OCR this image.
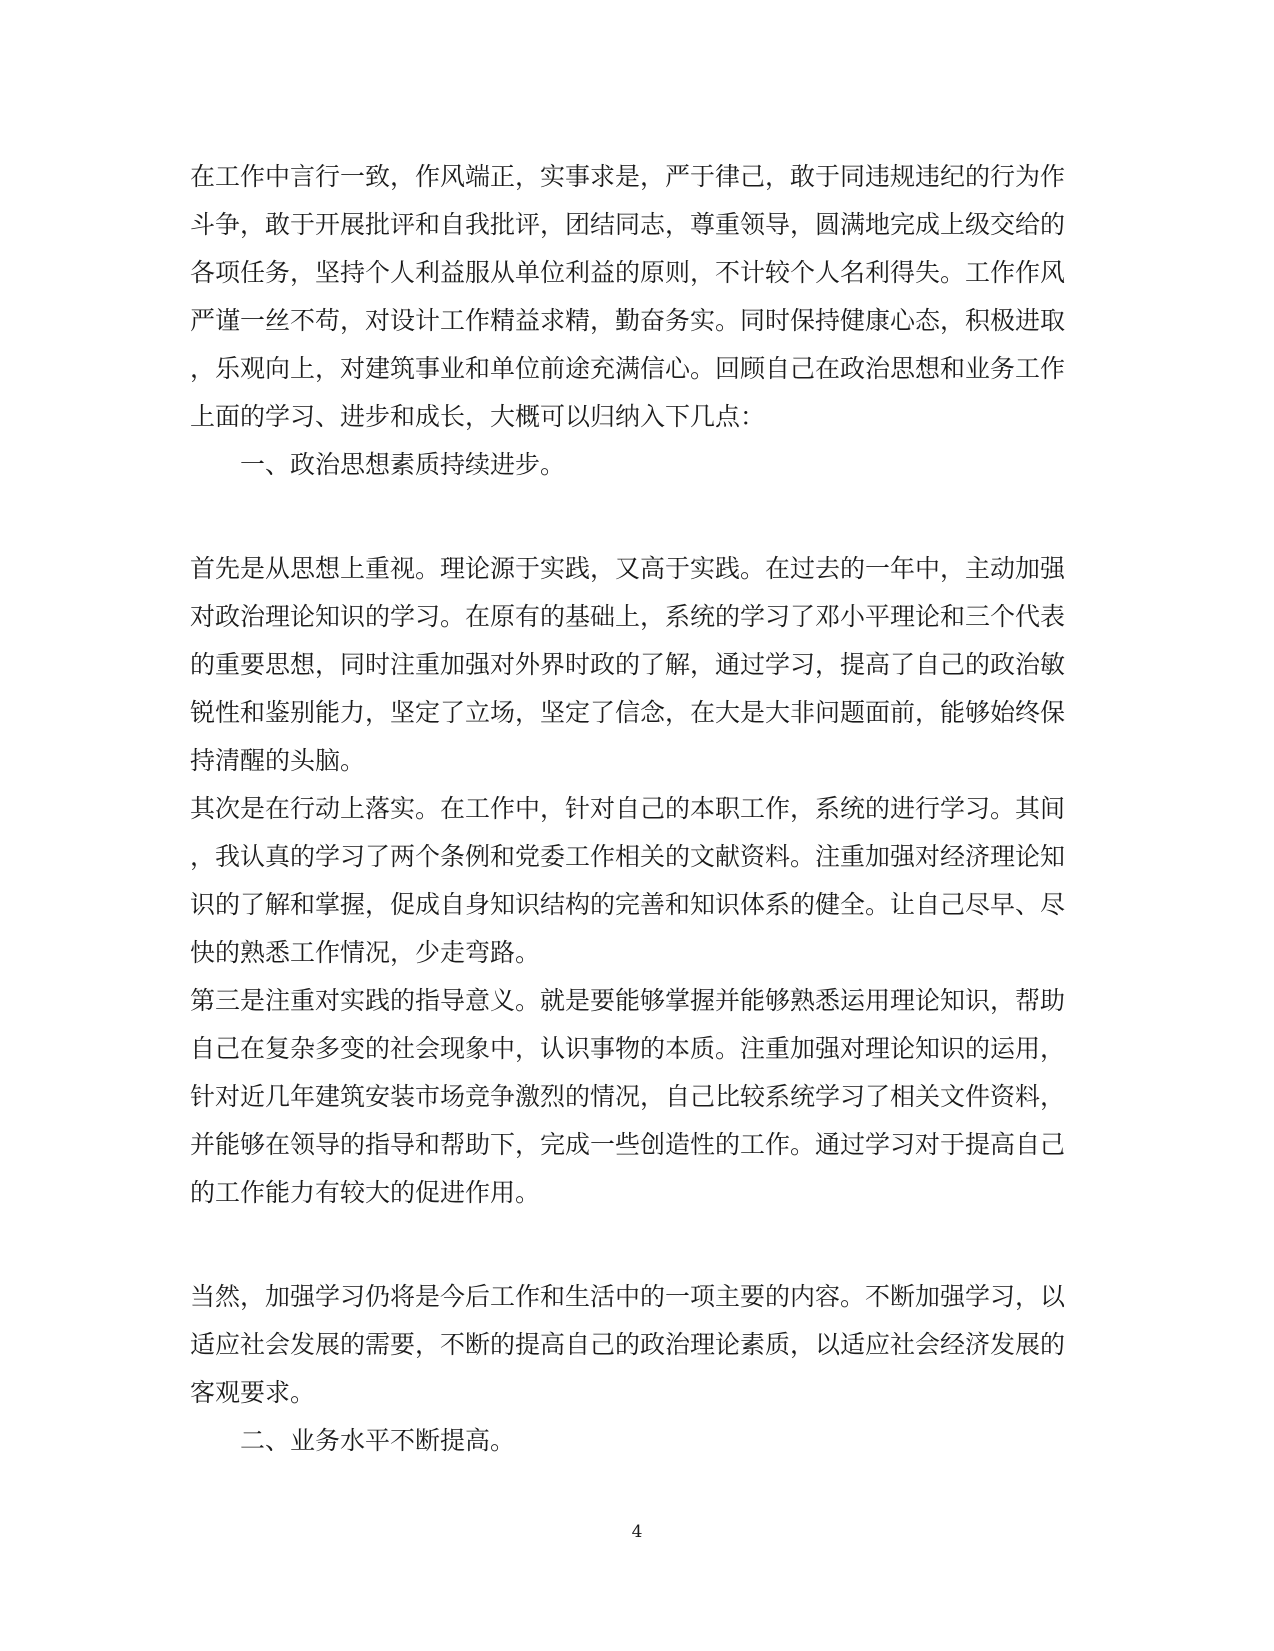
在工作中言行一致，作风端正，实事求是，严于律己，敢于同违规违纪的行为作
斗争，敢于开展批评和自我批评，团结同志，尊重领导，圆满地完成上级交给的
各项任务，坚持个人利益服从单位利益的原则，不计较个人名利得失。工作作风
严谨一丝不苟，对设计工作精益求精，勤奋务实。同时保持健康心态，积极进取
，乐观向上，对建筑事业和单位前途充满信心。回顾自己在政治思想和业务工作
上面的学习、进步和成长，大概可以归纳入下几点：

一、政治思想素质持续进步。

首先是从思想上重视。理论源于实践，又高于实践。在过去的一年中，主动加强
对政治理论知识的学习。在原有的基础上，系统的学习了邓小平理论和三个代表
的重要思想，同时注重加强对外界时政的了解，通过学习，提高了自己的政治敏
锐性和鉴别能力，坚定了立场，坚定了信念，在大是大非问题面前，能够始终保
持清醒的头脑。

其次是在行动上落实。在工作中，针对自己的本职工作，系统的进行学习。其间
，我认真的学习了两个条例和党委工作相关的文献资料。注重加强对经济理论知
识的了解和掌握，促成自身知识结构的完善和知识体系的健全。让自己尽早、尽
快的熟悉工作情况，少走弯路。

第三是注重对实践的指导意义。就是要能够掌握并能够熟悉运用理论知识，帮助
自己在复杂多变的社会现象中，认识事物的本质。注重加强对理论知识的运用，
针对近几年建筑安装市场竞争激烈的情况，自己比较系统学习了相关文件资料，
并能够在领导的指导和帮助下，完成一些创造性的工作。通过学习对于提高自己
的工作能力有较大的促进作用。

当然，加强学习仍将是今后工作和生活中的一项主要的内容。不断加强学习，以
适应社会发展的需要，不断的提高自己的政治理论素质，以适应社会经济发展的
客观要求。

二、业务水平不断提高。

4
